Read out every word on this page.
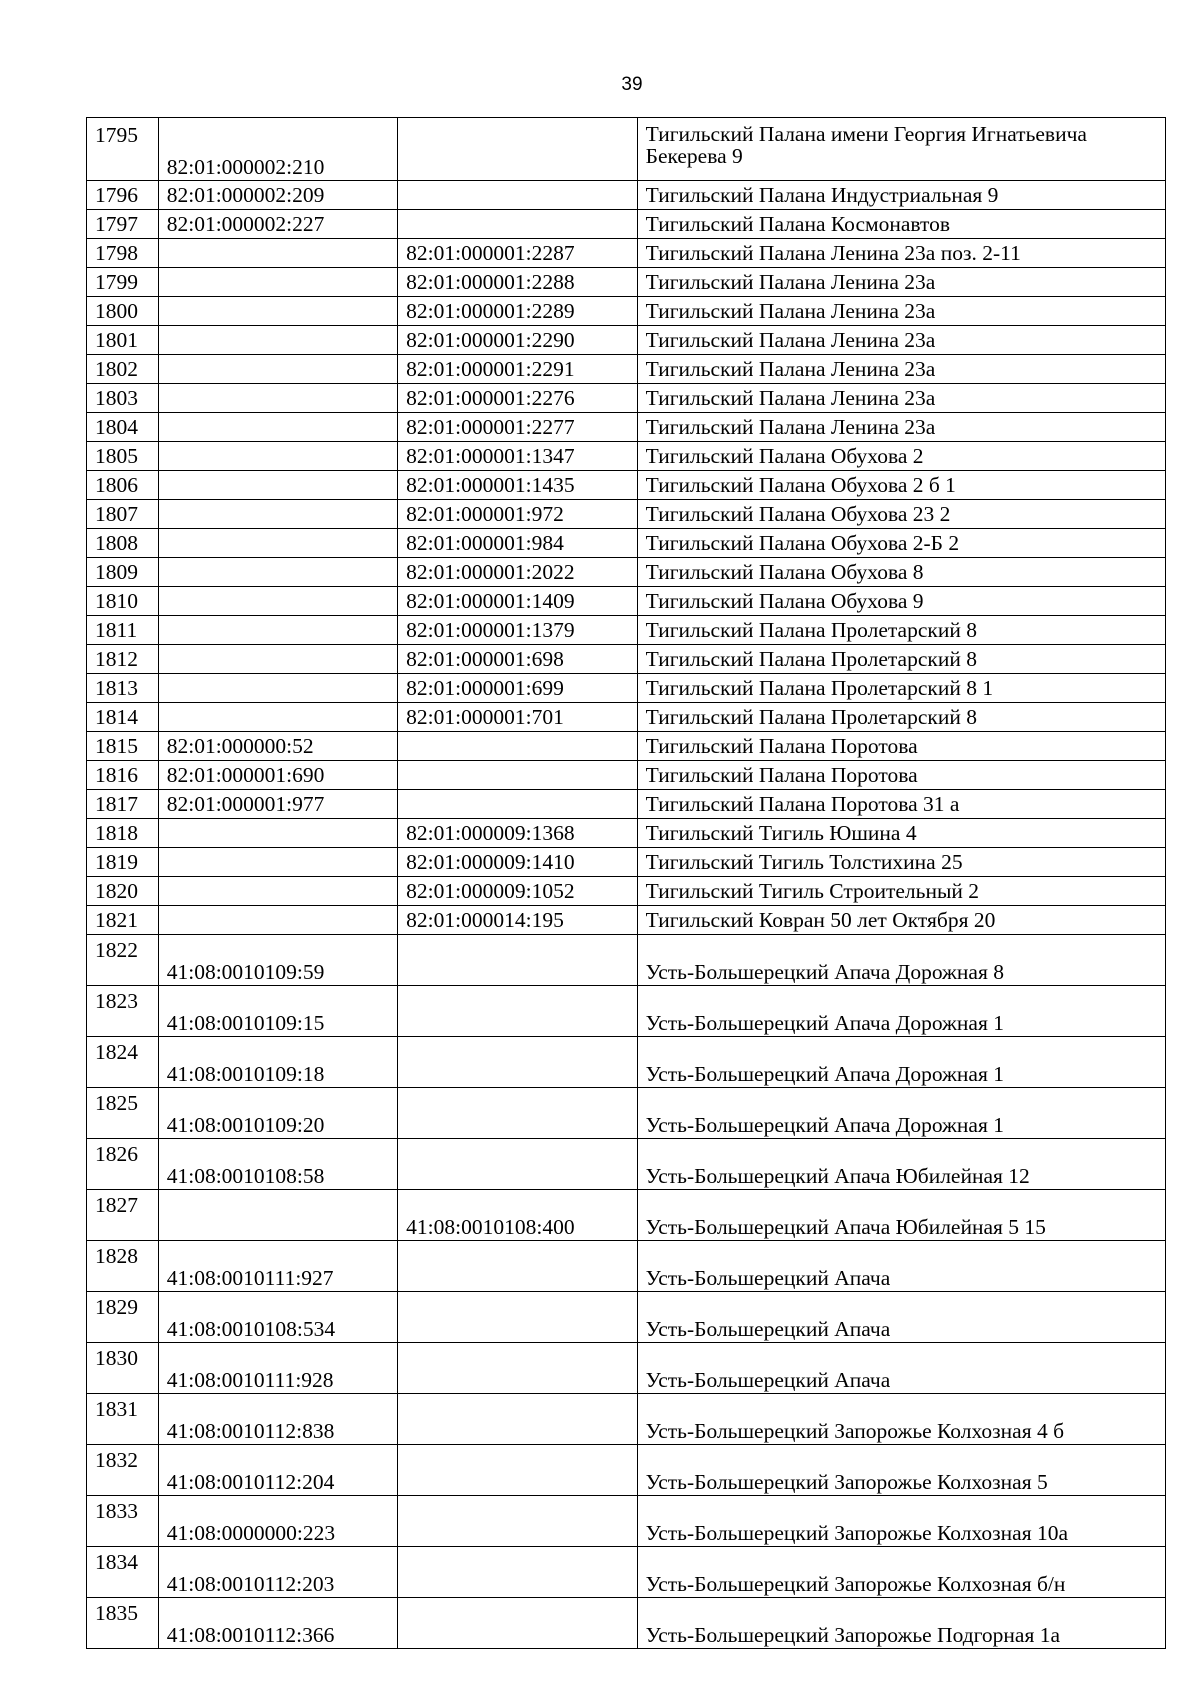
39
1795	82:01:000002:210		Тигильский Палана имени Георгия Игнатьевича Бекерева 9
1796	82:01:000002:209		Тигильский Палана Индустриальная 9
1797	82:01:000002:227		Тигильский Палана Космонавтов
1798		82:01:000001:2287	Тигильский Палана Ленина 23а поз. 2-11
1799		82:01:000001:2288	Тигильский Палана Ленина 23а
1800		82:01:000001:2289	Тигильский Палана Ленина 23а
1801		82:01:000001:2290	Тигильский Палана Ленина 23а
1802		82:01:000001:2291	Тигильский Палана Ленина 23а
1803		82:01:000001:2276	Тигильский Палана Ленина 23а
1804		82:01:000001:2277	Тигильский Палана Ленина 23а
1805		82:01:000001:1347	Тигильский Палана Обухова 2
1806		82:01:000001:1435	Тигильский Палана Обухова 2 б 1
1807		82:01:000001:972	Тигильский Палана Обухова 23 2
1808		82:01:000001:984	Тигильский Палана Обухова 2-Б 2
1809		82:01:000001:2022	Тигильский Палана Обухова 8
1810		82:01:000001:1409	Тигильский Палана Обухова 9
1811		82:01:000001:1379	Тигильский Палана Пролетарский 8
1812		82:01:000001:698	Тигильский Палана Пролетарский 8
1813		82:01:000001:699	Тигильский Палана Пролетарский 8 1
1814		82:01:000001:701	Тигильский Палана Пролетарский 8
1815	82:01:000000:52		Тигильский Палана Поротова
1816	82:01:000001:690		Тигильский Палана Поротова
1817	82:01:000001:977		Тигильский Палана Поротова 31 а
1818		82:01:000009:1368	Тигильский Тигиль Юшина 4
1819		82:01:000009:1410	Тигильский Тигиль Толстихина 25
1820		82:01:000009:1052	Тигильский Тигиль Строительный 2
1821		82:01:000014:195	Тигильский Ковран 50 лет Октября 20
1822	41:08:0010109:59		Усть-Большерецкий Апача Дорожная 8
1823	41:08:0010109:15		Усть-Большерецкий Апача Дорожная 1
1824	41:08:0010109:18		Усть-Большерецкий Апача Дорожная 1
1825	41:08:0010109:20		Усть-Большерецкий Апача Дорожная 1
1826	41:08:0010108:58		Усть-Большерецкий Апача Юбилейная 12
1827		41:08:0010108:400	Усть-Большерецкий Апача Юбилейная 5 15
1828	41:08:0010111:927		Усть-Большерецкий Апача
1829	41:08:0010108:534		Усть-Большерецкий Апача
1830	41:08:0010111:928		Усть-Большерецкий Апача
1831	41:08:0010112:838		Усть-Большерецкий Запорожье Колхозная 4 б
1832	41:08:0010112:204		Усть-Большерецкий Запорожье Колхозная 5
1833	41:08:0000000:223		Усть-Большерецкий Запорожье Колхозная 10а
1834	41:08:0010112:203		Усть-Большерецкий Запорожье Колхозная б/н
1835	41:08:0010112:366		Усть-Большерецкий Запорожье Подгорная 1а
